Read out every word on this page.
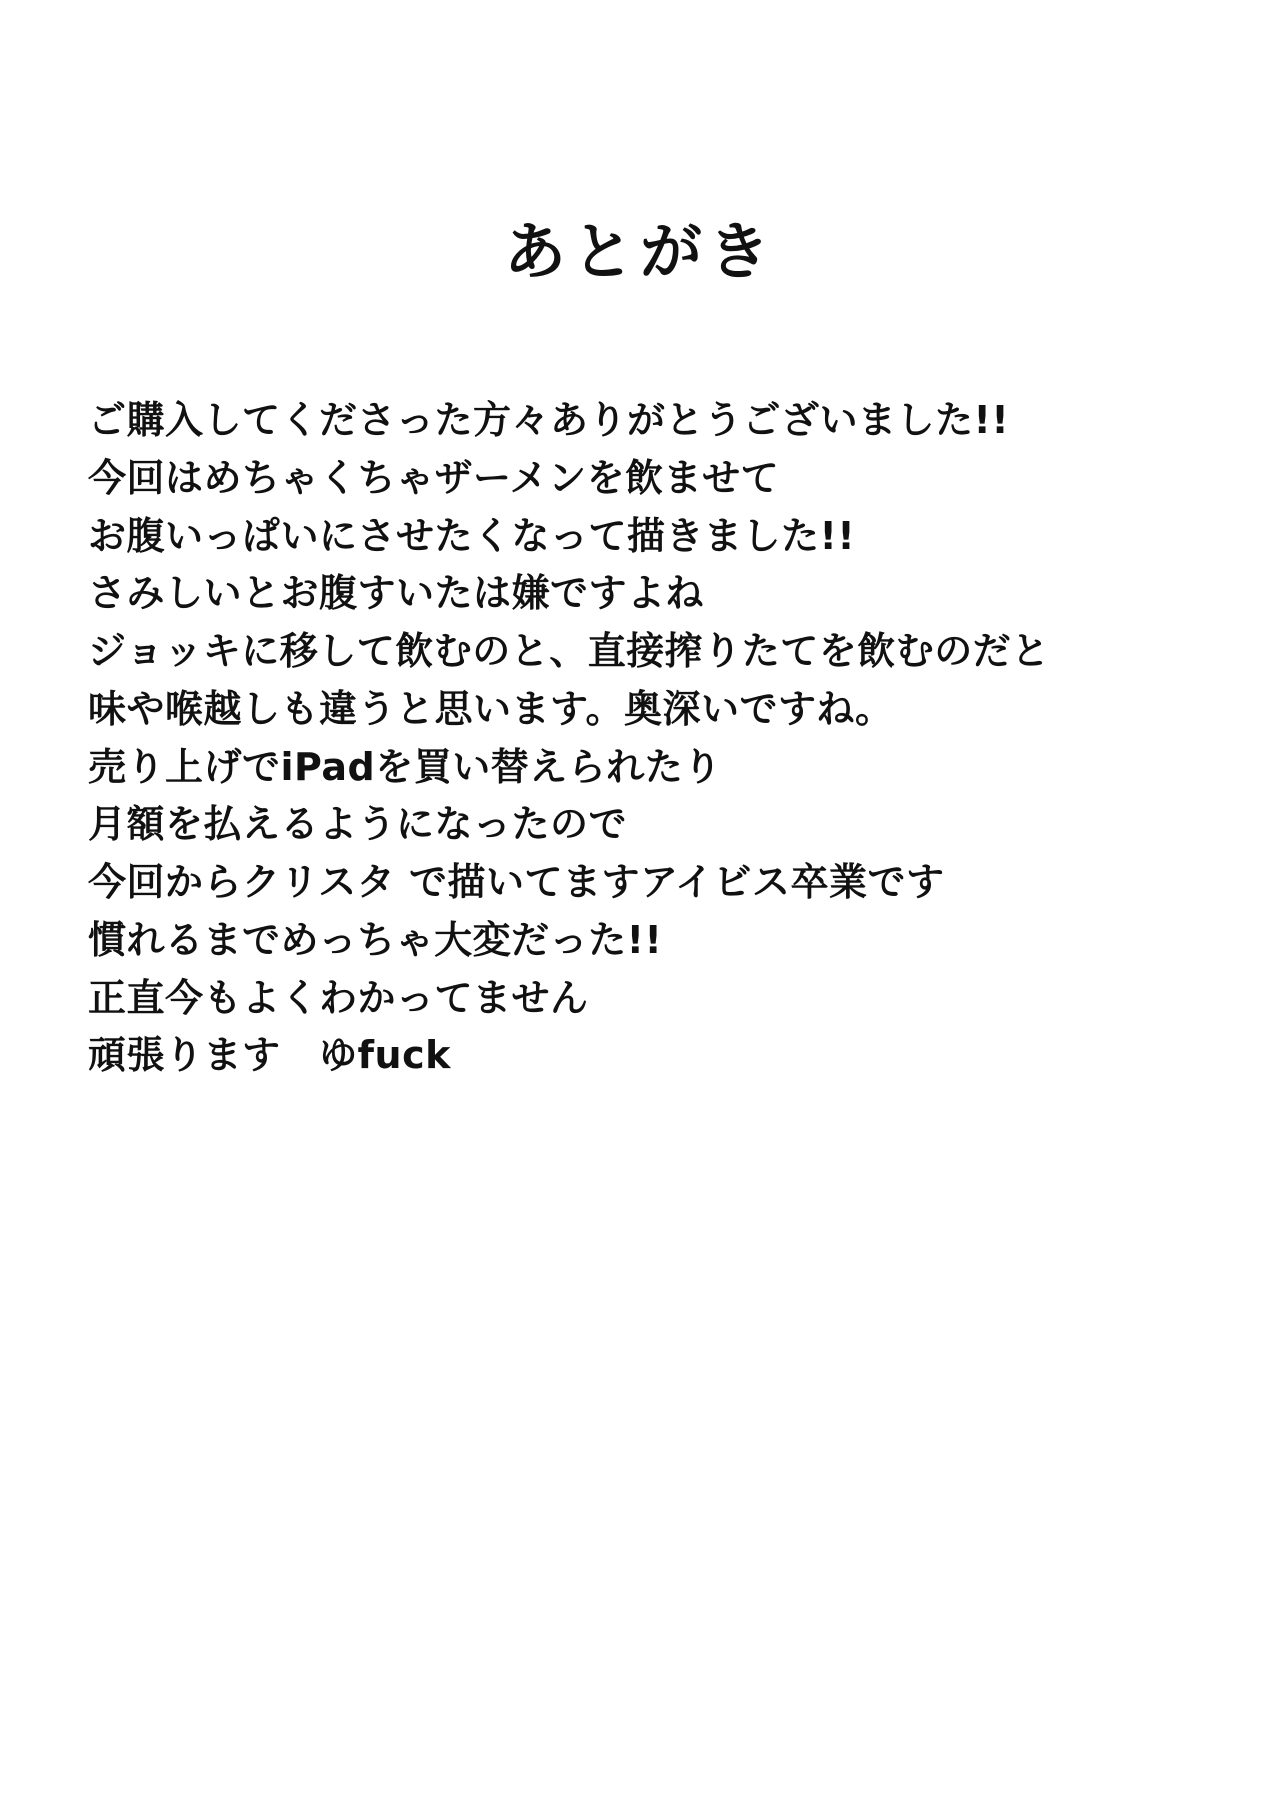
あとがき
ご購入してくださった方々ありがとうございました!!
今回はめちゃくちゃザーメンを飲ませて
お腹いっぱいにさせたくなって描きました!!
さみしいとお腹すいたは嫌ですよね
ジョッキに移して飲むのと、直接搾りたてを飲むのだと
味や喉越しも違うと思います。奥深いですね。
売り上げでiPadを買い替えられたり
月額を払えるようになったので
今回からクリスタ で描いてますアイビス卒業です
慣れるまでめっちゃ大変だった!!
正直今もよくわかってません
頑張ります　ゆfuck
